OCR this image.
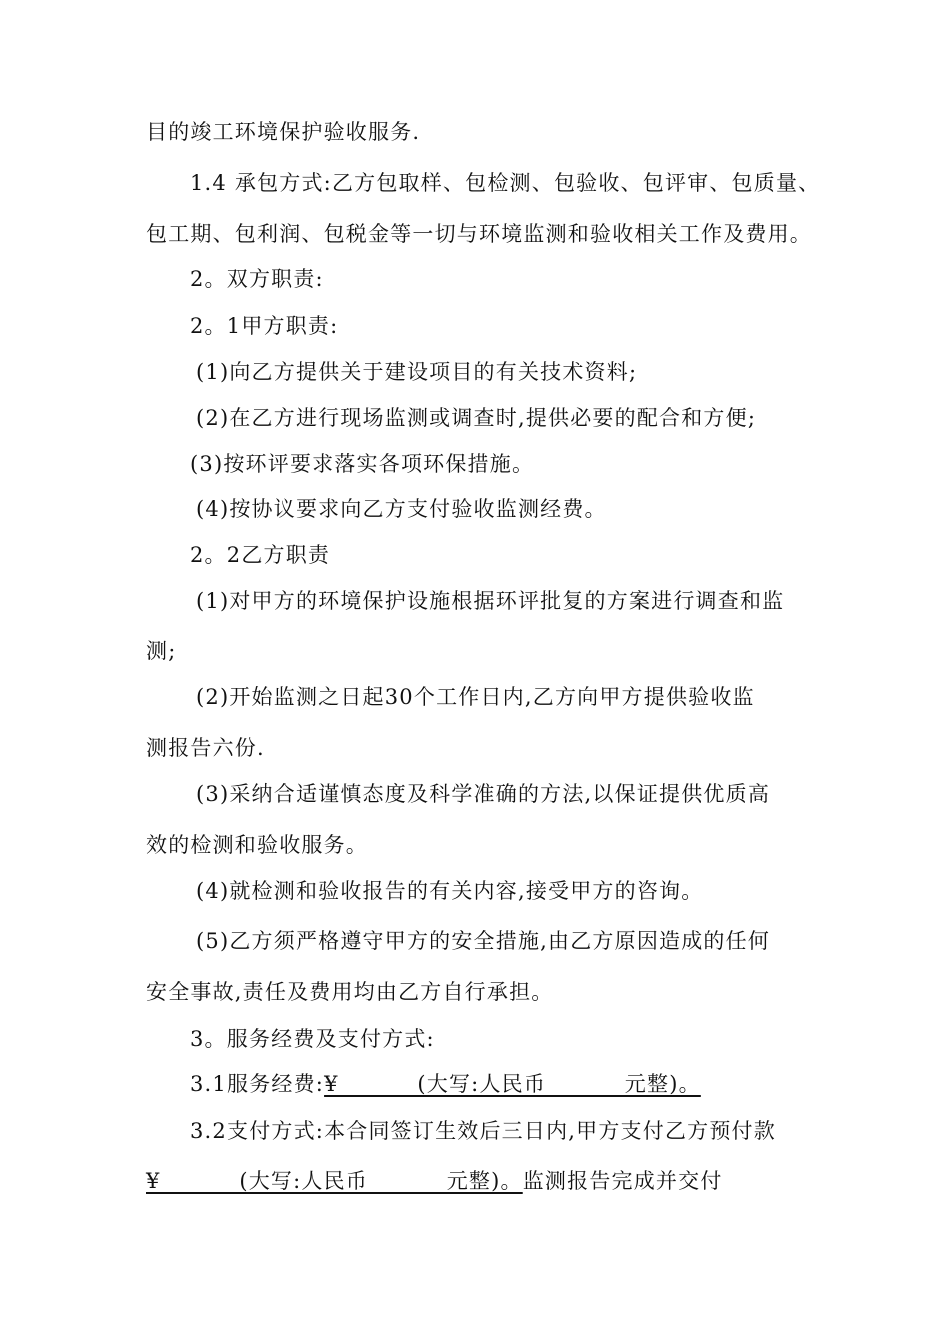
目的竣工环境保护验收服务.
1.4 承包方式:乙方包取样、包检测、包验收、包评审、包质量、
包工期、包利润、包税金等一切与环境监测和验收相关工作及费用。
2。双方职责:
2。1甲方职责:
(1)向乙方提供关于建设项目的有关技术资料;
(2)在乙方进行现场监测或调查时,提供必要的配合和方便;
(3)按环评要求落实各项环保措施。
(4)按协议要求向乙方支付验收监测经费。
2。2乙方职责
(1)对甲方的环境保护设施根据环评批复的方案进行调查和监
测;
(2)开始监测之日起30个工作日内,乙方向甲方提供验收监
测报告六份.
(3)采纳合适谨慎态度及科学准确的方法,以保证提供优质高
效的检测和验收服务。
(4)就检测和验收报告的有关内容,接受甲方的咨询。
(5)乙方须严格遵守甲方的安全措施,由乙方原因造成的任何
安全事故,责任及费用均由乙方自行承担。
3。服务经费及支付方式:
3.1服务经费:¥          (大写:人民币          元整)。
3.2支付方式:本合同签订生效后三日内,甲方支付乙方预付款
¥          (大写:人民币          元整)。监测报告完成并交付
